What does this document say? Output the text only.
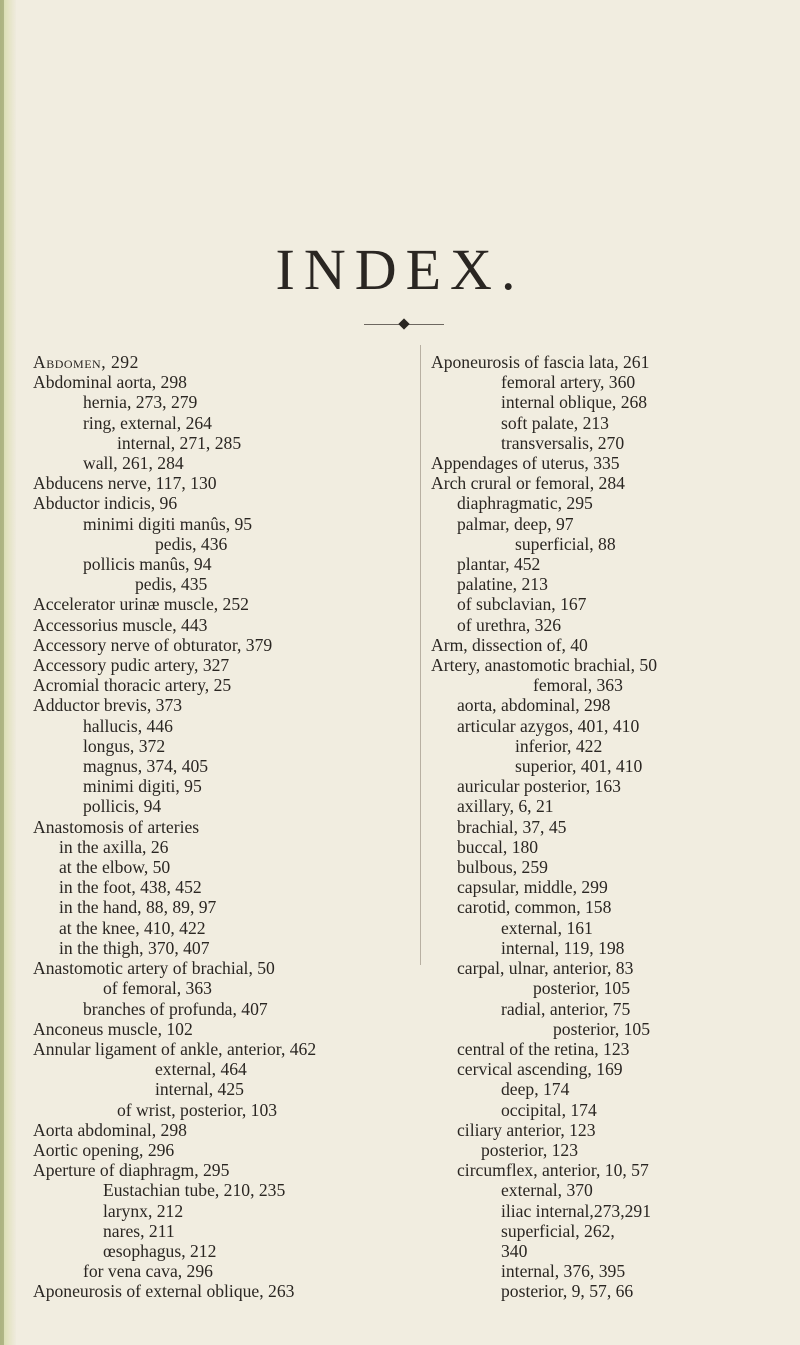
INDEX.
Abdomen, 292
Abdominal aorta, 298
hernia, 273, 279
ring, external, 264
internal, 271, 285
wall, 261, 284
Abducens nerve, 117, 130
Abductor indicis, 96
minimi digiti manûs, 95
pedis, 436
pollicis manûs, 94
pedis, 435
Accelerator urinæ muscle, 252
Accessorius muscle, 443
Accessory nerve of obturator, 379
Accessory pudic artery, 327
Acromial thoracic artery, 25
Adductor brevis, 373
hallucis, 446
longus, 372
magnus, 374, 405
minimi digiti, 95
pollicis, 94
Anastomosis of arteries
in the axilla, 26
at the elbow, 50
in the foot, 438, 452
in the hand, 88, 89, 97
at the knee, 410, 422
in the thigh, 370, 407
Anastomotic artery of brachial, 50
of femoral, 363
branches of profunda, 407
Anconeus muscle, 102
Annular ligament of ankle, anterior, 462
external, 464
internal, 425
of wrist, posterior, 103
Aorta abdominal, 298
Aortic opening, 296
Aperture of diaphragm, 295
Eustachian tube, 210, 235
larynx, 212
nares, 211
œsophagus, 212
for vena cava, 296
Aponeurosis of external oblique, 263
Aponeurosis of fascia lata, 261
femoral artery, 360
internal oblique, 268
soft palate, 213
transversalis, 270
Appendages of uterus, 335
Arch crural or femoral, 284
diaphragmatic, 295
palmar, deep, 97
superficial, 88
plantar, 452
palatine, 213
of subclavian, 167
of urethra, 326
Arm, dissection of, 40
Artery, anastomotic brachial, 50
femoral, 363
aorta, abdominal, 298
articular azygos, 401, 410
inferior, 422
superior, 401, 410
auricular posterior, 163
axillary, 6, 21
brachial, 37, 45
buccal, 180
bulbous, 259
capsular, middle, 299
carotid, common, 158
external, 161
internal, 119, 198
carpal, ulnar, anterior, 83
posterior, 105
radial, anterior, 75
posterior, 105
central of the retina, 123
cervical ascending, 169
deep, 174
occipital, 174
ciliary anterior, 123
posterior, 123
circumflex, anterior, 10, 57
external, 370
iliac internal,273,291
superficial, 262,
340
internal, 376, 395
posterior, 9, 57, 66
